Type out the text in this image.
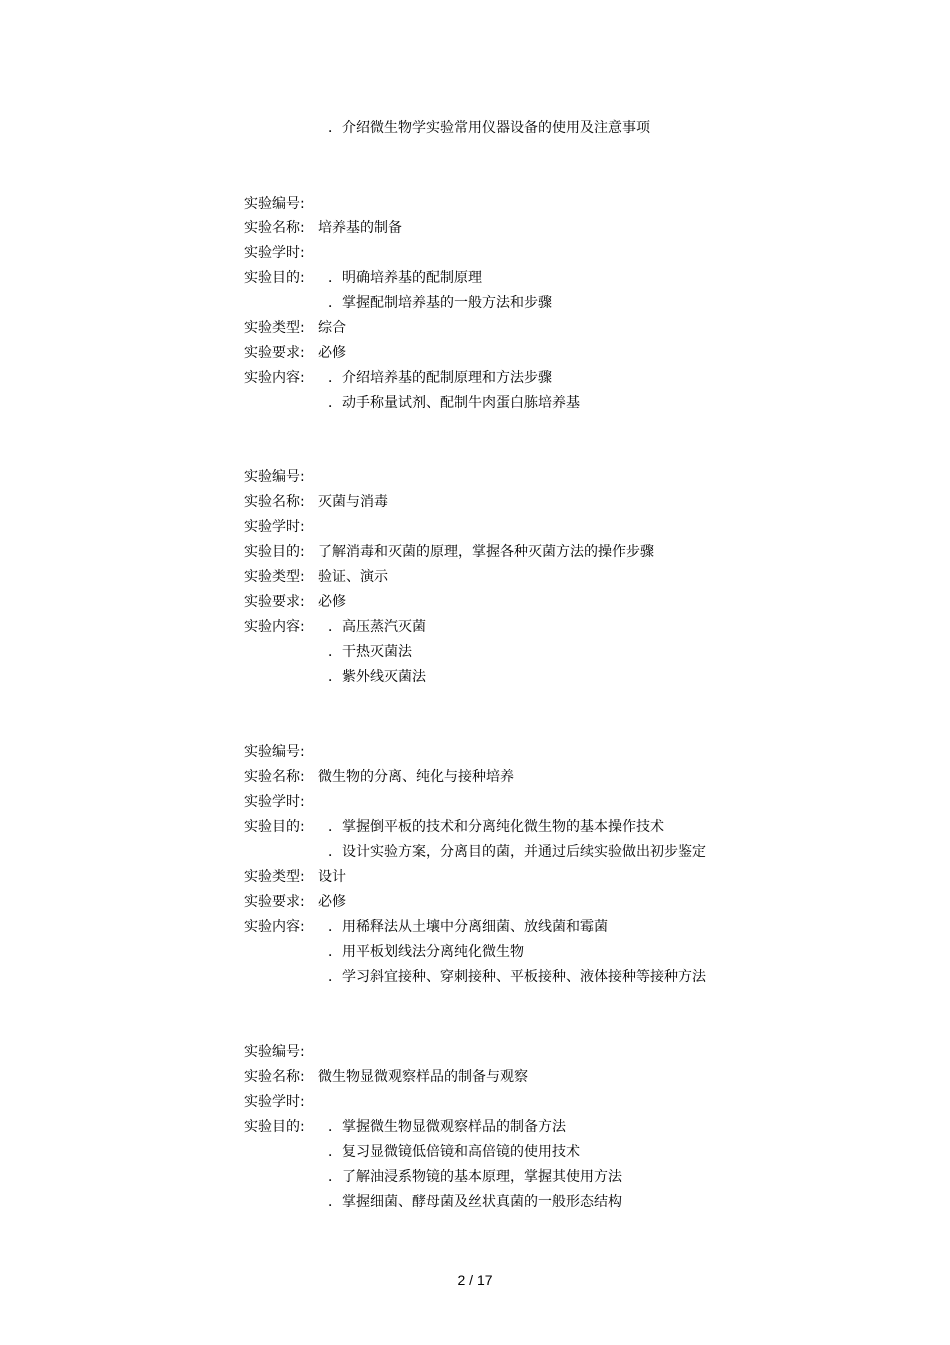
．介绍微生物学实验常用仪器设备的使用及注意事项
实验编号:
实验名称: 培养基的制备
实验学时:
实验目的: ．明确培养基的配制原理
．掌握配制培养基的一般方法和步骤
实验类型: 综合
实验要求: 必修
实验内容: ．介绍培养基的配制原理和方法步骤
．动手称量试剂、配制牛肉蛋白胨培养基
实验编号:
实验名称: 灭菌与消毒
实验学时:
实验目的: 了解消毒和灭菌的原理，掌握各种灭菌方法的操作步骤
实验类型: 验证、演示
实验要求: 必修
实验内容: ．高压蒸汽灭菌
．干热灭菌法
．紫外线灭菌法
实验编号:
实验名称: 微生物的分离、纯化与接种培养
实验学时:
实验目的: ．掌握倒平板的技术和分离纯化微生物的基本操作技术
．设计实验方案，分离目的菌，并通过后续实验做出初步鉴定
实验类型: 设计
实验要求: 必修
实验内容: ．用稀释法从土壤中分离细菌、放线菌和霉菌
．用平板划线法分离纯化微生物
．学习斜宜接种、穿刺接种、平板接种、液体接种等接种方法
实验编号:
实验名称: 微生物显微观察样品的制备与观察
实验学时:
实验目的: ．掌握微生物显微观察样品的制备方法
．复习显微镜低倍镜和高倍镜的使用技术
．了解油浸系物镜的基本原理，掌握其使用方法
．掌握细菌、酵母菌及丝状真菌的一般形态结构
2 / 17
